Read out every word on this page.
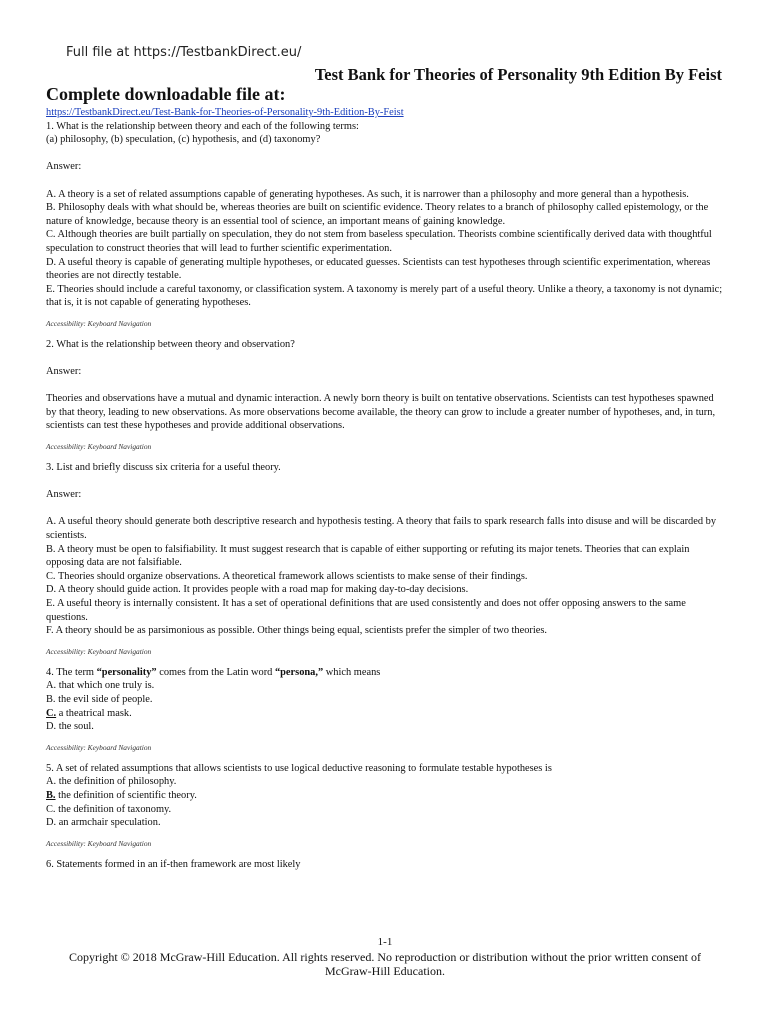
Full file at https://TestbankDirect.eu/
Test Bank for Theories of Personality 9th Edition By Feist
Complete downloadable file at:

https://TestbankDirect.eu/Test-Bank-for-Theories-of-Personality-9th-Edition-By-Feist

1. What is the relationship between theory and each of the following terms:

(a) philosophy, (b) speculation, (c) hypothesis, and (d) taxonomy?

Answer:

A. A theory is a set of related assumptions capable of generating hypotheses. As such, it is narrower than a philosophy and more general than a hypothesis.

B. Philosophy deals with what should be, whereas theories are built on scientific evidence. Theory relates to a branch of philosophy called epistemology, or the nature of knowledge, because theory is an essential tool of science, an important means of gaining knowledge.

C. Although theories are built partially on speculation, they do not stem from baseless speculation. Theorists combine scientifically derived data with thoughtful speculation to construct theories that will lead to further scientific experimentation.

D. A useful theory is capable of generating multiple hypotheses, or educated guesses. Scientists can test hypotheses through scientific experimentation, whereas theories are not directly testable.

E. Theories should include a careful taxonomy, or classification system. A taxonomy is merely part of a useful theory. Unlike a theory, a taxonomy is not dynamic; that is, it is not capable of generating hypotheses.

Accessibility: Keyboard Navigation

2. What is the relationship between theory and observation?

Answer:

Theories and observations have a mutual and dynamic interaction. A newly born theory is built on tentative observations. Scientists can test hypotheses spawned by that theory, leading to new observations. As more observations become available, the theory can grow to include a greater number of hypotheses, and, in turn, scientists can test these hypotheses and provide additional observations.

Accessibility: Keyboard Navigation

3. List and briefly discuss six criteria for a useful theory.

Answer:

A. A useful theory should generate both descriptive research and hypothesis testing. A theory that fails to spark research falls into disuse and will be discarded by scientists.

B. A theory must be open to falsifiability. It must suggest research that is capable of either supporting or refuting its major tenets. Theories that can explain opposing data are not falsifiable.

C. Theories should organize observations. A theoretical framework allows scientists to make sense of their findings.

D. A theory should guide action. It provides people with a road map for making day-to-day decisions.

E. A useful theory is internally consistent. It has a set of operational definitions that are used consistently and does not offer opposing answers to the same questions.

F. A theory should be as parsimonious as possible. Other things being equal, scientists prefer the simpler of two theories.

Accessibility: Keyboard Navigation

4. The term “personality” comes from the Latin word “persona,” which means

A. that which one truly is.

B. the evil side of people.

C. a theatrical mask.

D. the soul.

Accessibility: Keyboard Navigation

5. A set of related assumptions that allows scientists to use logical deductive reasoning to formulate testable hypotheses is

A. the definition of philosophy.

B. the definition of scientific theory.

C. the definition of taxonomy.

D. an armchair speculation.

Accessibility: Keyboard Navigation

6. Statements formed in an if-then framework are most likely

1-1
Copyright © 2018 McGraw-Hill Education. All rights reserved. No reproduction or distribution without the prior written consent of McGraw-Hill Education.
